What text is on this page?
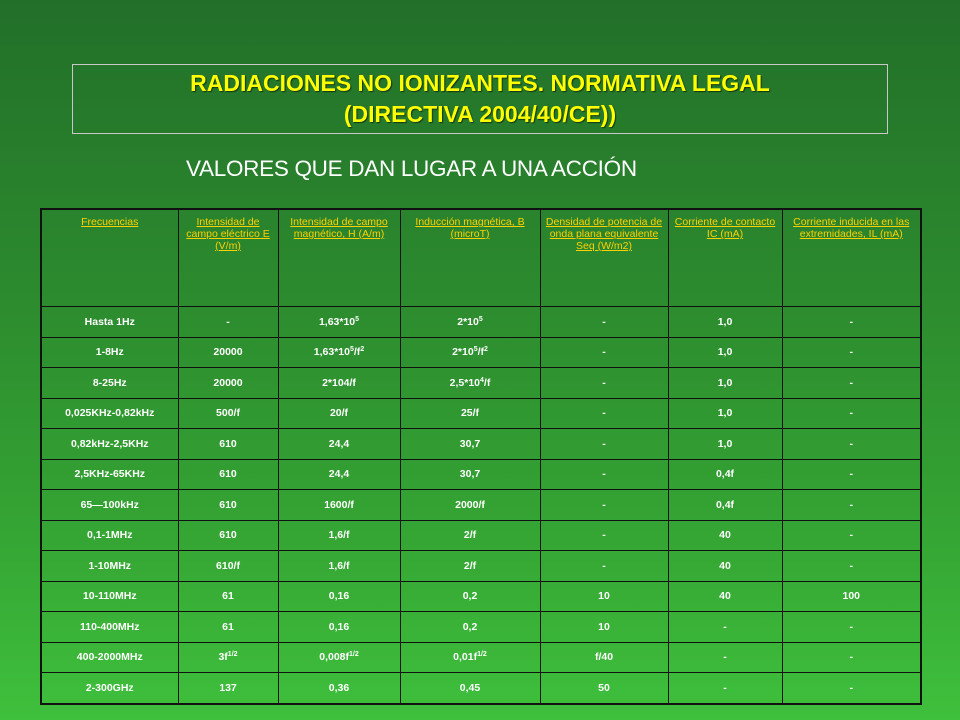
RADIACIONES NO IONIZANTES. NORMATIVA LEGAL
(DIRECTIVA 2004/40/CE))
VALORES QUE DAN LUGAR A UNA ACCIÓN
Frecuencias	Intensidad de campo eléctrico E (V/m)	Intensidad de campo magnético, H (A/m)	Inducción magnética, B (microT)	Densidad de potencia de onda plana equivalente Seq (W/m2)	Corriente de contacto IC (mA)	Corriente inducida en las extremidades, IL (mA)
Hasta 1Hz	-	$1,63*10^5$	$2*10^5$	-	1,0	-
1-8Hz	20000	$1,63*10^5/f^2$	$2*10^5/f^2$	-	1,0	-
8-25Hz	20000	2*104/f	$2,5*10^4/f$	-	1,0	-
0,025KHz-0,82kHz	500/f	20/f	25/f	-	1,0	-
0,82kHz-2,5KHz	610	24,4	30,7	-	1,0	-
2,5KHz-65KHz	610	24,4	30,7	-	0,4f	-
65—100kHz	610	1600/f	2000/f	-	0,4f	-
0,1-1MHz	610	1,6/f	2/f	-	40	-
1-10MHz	610/f	1,6/f	2/f	-	40	-
10-110MHz	61	0,16	0,2	10	40	100
110-400MHz	61	0,16	0,2	10	-	-
400-2000MHz	$3f^{1/2}$	$0,008f^{1/2}$	$0,01f^{1/2}$	f/40	-	-
2-300GHz	137	0,36	0,45	50	-	-
